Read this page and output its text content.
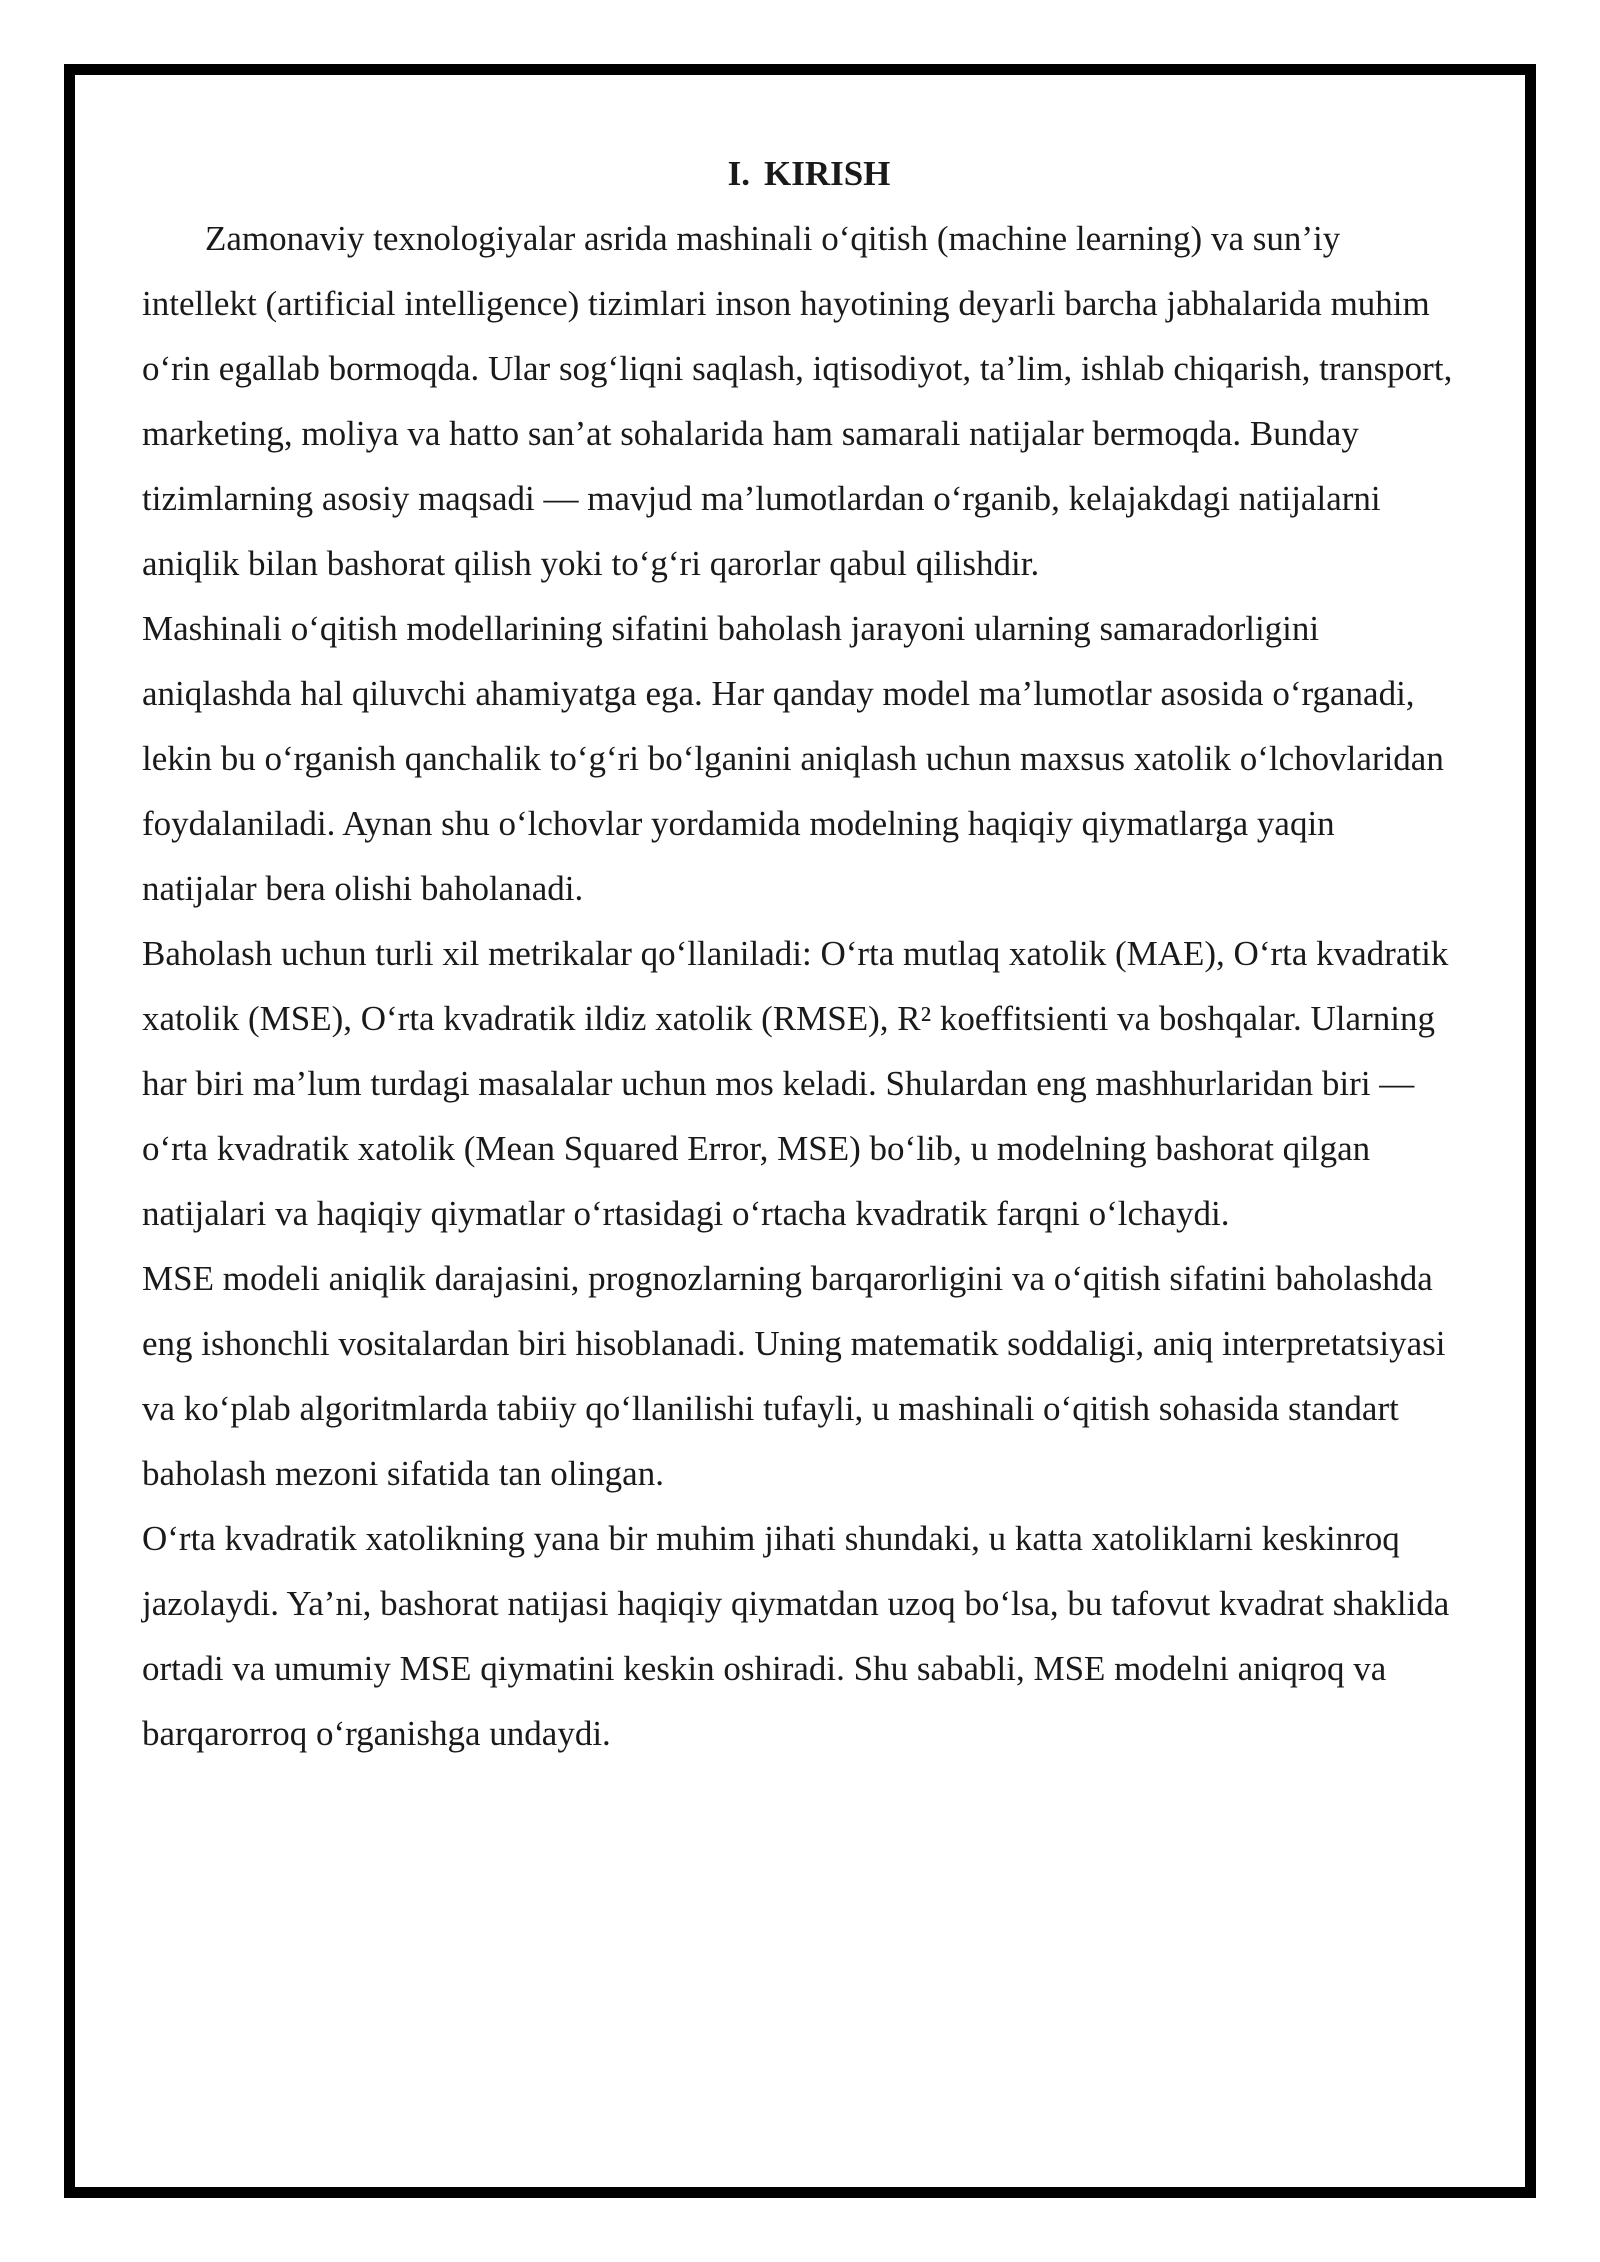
I. KIRISH

Zamonaviy texnologiyalar asrida mashinali o‘qitish (machine learning) va sun’iy intellekt (artificial intelligence) tizimlari inson hayotining deyarli barcha jabhalarida muhim o‘rin egallab bormoqda. Ular sog‘liqni saqlash, iqtisodiyot, ta’lim, ishlab chiqarish, transport, marketing, moliya va hatto san’at sohalarida ham samarali natijalar bermoqda. Bunday tizimlarning asosiy maqsadi — mavjud ma’lumotlardan o‘rganib, kelajakdagi natijalarni aniqlik bilan bashorat qilish yoki to‘g‘ri qarorlar qabul qilishdir.

Mashinali o‘qitish modellarining sifatini baholash jarayoni ularning samaradorligini aniqlashda hal qiluvchi ahamiyatga ega. Har qanday model ma’lumotlar asosida o‘rganadi, lekin bu o‘rganish qanchalik to‘g‘ri bo‘lganini aniqlash uchun maxsus xatolik o‘lchovlaridan foydalaniladi. Aynan shu o‘lchovlar yordamida modelning haqiqiy qiymatlarga yaqin natijalar bera olishi baholanadi.

Baholash uchun turli xil metrikalar qo‘llaniladi: O‘rta mutlaq xatolik (MAE), O‘rta kvadratik xatolik (MSE), O‘rta kvadratik ildiz xatolik (RMSE), R² koeffitsienti va boshqalar. Ularning har biri ma’lum turdagi masalalar uchun mos keladi. Shulardan eng mashhurlaridan biri — o‘rta kvadratik xatolik (Mean Squared Error, MSE) bo‘lib, u modelning bashorat qilgan natijalari va haqiqiy qiymatlar o‘rtasidagi o‘rtacha kvadratik farqni o‘lchaydi.

MSE modeli aniqlik darajasini, prognozlarning barqarorligini va o‘qitish sifatini baholashda eng ishonchli vositalardan biri hisoblanadi. Uning matematik soddaligi, aniq interpretatsiyasi va ko‘plab algoritmlarda tabiiy qo‘llanilishi tufayli, u mashinali o‘qitish sohasida standart baholash mezoni sifatida tan olingan.

O‘rta kvadratik xatolikning yana bir muhim jihati shundaki, u katta xatoliklarni keskinroq jazolaydi. Ya’ni, bashorat natijasi haqiqiy qiymatdan uzoq bo‘lsa, bu tafovut kvadrat shaklida ortadi va umumiy MSE qiymatini keskin oshiradi. Shu sababli, MSE modelni aniqroq va barqarorroq o‘rganishga undaydi.
